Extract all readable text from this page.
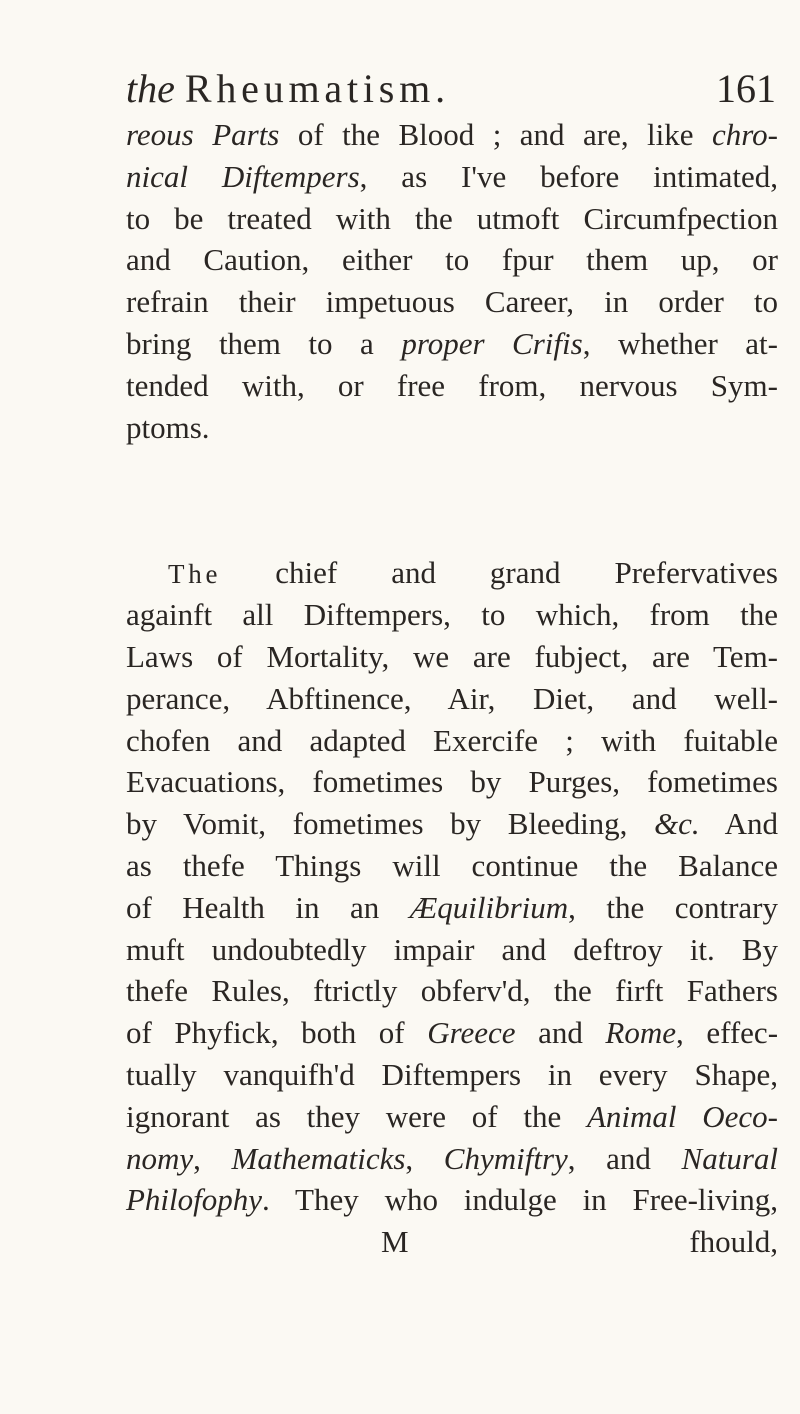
the Rheumatism.	161
reous Parts of the Blood ; and are, like chro-
nical Diftempers, as I've before intimated,
to be treated with the utmoft Circumfpection
and Caution, either to fpur them up, or
refrain their impetuous Career, in order to
bring them to a proper Crifis, whether at-
tended with, or free from, nervous Sym-
ptoms.
The chief and grand Prefervatives
againft all Diftempers, to which, from the
Laws of Mortality, we are fubject, are Tem-
perance, Abftinence, Air, Diet, and well-
chofen and adapted Exercife ; with fuitable
Evacuations, fometimes by Purges, fometimes
by Vomit, fometimes by Bleeding, &c. And
as thefe Things will continue the Balance
of Health in an Æquilibrium, the contrary
muft undoubtedly impair and deftroy it. By
thefe Rules, ftrictly obferv'd, the firft Fathers
of Phyfick, both of Greece and Rome, effec-
tually vanquifh'd Diftempers in every Shape,
ignorant as they were of the Animal Oeco-
nomy, Mathematicks, Chymiftry, and Natural
Philofophy. They who indulge in Free-living,
M	fhould,
